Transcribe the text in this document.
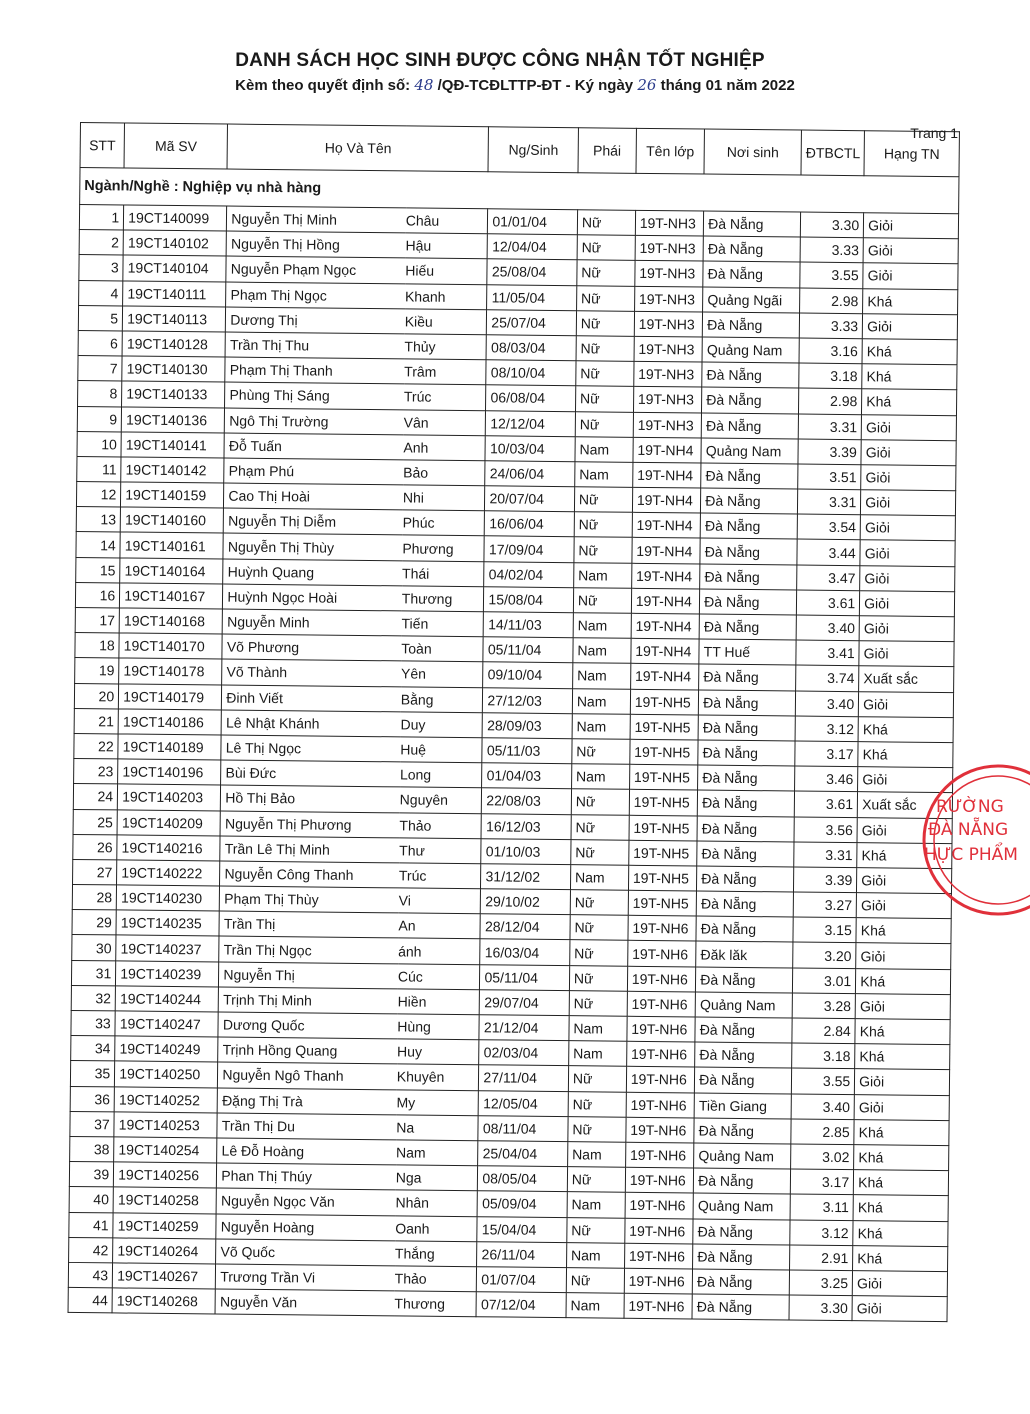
DANH SÁCH HỌC SINH ĐƯỢC CÔNG NHẬN TỐT NGHIỆP
Kèm theo quyết định số: 48 /QĐ-TCĐLTTP-ĐT - Ký ngày 26 tháng 01 năm 2022
Trang 1
STT	Mã SV	Họ Và Tên		Ng/Sinh	Phái	Tên lớp	Nơi sinh	ĐTBCTL	Hạng TN
Ngành/Nghề : Nghiệp vụ nhà hàng									
1	19CT140099	Nguyễn Thị Minh	Châu	01/01/04	Nữ	19T-NH3	Đà Nẵng	3.30	Giỏi
2	19CT140102	Nguyễn Thị Hồng	Hậu	12/04/04	Nữ	19T-NH3	Đà Nẵng	3.33	Giỏi
3	19CT140104	Nguyễn Phạm Ngọc	Hiếu	25/08/04	Nữ	19T-NH3	Đà Nẵng	3.55	Giỏi
4	19CT140111	Phạm Thị Ngọc	Khanh	11/05/04	Nữ	19T-NH3	Quảng Ngãi	2.98	Khá
5	19CT140113	Dương Thị	Kiều	25/07/04	Nữ	19T-NH3	Đà Nẵng	3.33	Giỏi
6	19CT140128	Trần Thị Thu	Thủy	08/03/04	Nữ	19T-NH3	Quảng Nam	3.16	Khá
7	19CT140130	Phạm Thị Thanh	Trâm	08/10/04	Nữ	19T-NH3	Đà Nẵng	3.18	Khá
8	19CT140133	Phùng Thị Sáng	Trúc	06/08/04	Nữ	19T-NH3	Đà Nẵng	2.98	Khá
9	19CT140136	Ngô Thị Trường	Vân	12/12/04	Nữ	19T-NH3	Đà Nẵng	3.31	Giỏi
10	19CT140141	Đỗ Tuấn	Anh	10/03/04	Nam	19T-NH4	Quảng Nam	3.39	Giỏi
11	19CT140142	Phạm Phú	Bảo	24/06/04	Nam	19T-NH4	Đà Nẵng	3.51	Giỏi
12	19CT140159	Cao Thị Hoài	Nhi	20/07/04	Nữ	19T-NH4	Đà Nẵng	3.31	Giỏi
13	19CT140160	Nguyễn Thị Diễm	Phúc	16/06/04	Nữ	19T-NH4	Đà Nẵng	3.54	Giỏi
14	19CT140161	Nguyễn Thị Thùy	Phương	17/09/04	Nữ	19T-NH4	Đà Nẵng	3.44	Giỏi
15	19CT140164	Huỳnh Quang	Thái	04/02/04	Nam	19T-NH4	Đà Nẵng	3.47	Giỏi
16	19CT140167	Huỳnh Ngọc Hoài	Thương	15/08/04	Nữ	19T-NH4	Đà Nẵng	3.61	Giỏi
17	19CT140168	Nguyễn Minh	Tiến	14/11/03	Nam	19T-NH4	Đà Nẵng	3.40	Giỏi
18	19CT140170	Võ Phương	Toàn	05/11/04	Nam	19T-NH4	TT Huế	3.41	Giỏi
19	19CT140178	Võ Thành	Yên	09/10/04	Nam	19T-NH4	Đà Nẵng	3.74	Xuất sắc
20	19CT140179	Đinh Viết	Bằng	27/12/03	Nam	19T-NH5	Đà Nẵng	3.40	Giỏi
21	19CT140186	Lê Nhật Khánh	Duy	28/09/03	Nam	19T-NH5	Đà Nẵng	3.12	Khá
22	19CT140189	Lê Thị Ngọc	Huệ	05/11/03	Nữ	19T-NH5	Đà Nẵng	3.17	Khá
23	19CT140196	Bùi Đức	Long	01/04/03	Nam	19T-NH5	Đà Nẵng	3.46	Giỏi
24	19CT140203	Hồ Thị Bảo	Nguyên	22/08/03	Nữ	19T-NH5	Đà Nẵng	3.61	Xuất sắc
25	19CT140209	Nguyễn Thị Phương	Thảo	16/12/03	Nữ	19T-NH5	Đà Nẵng	3.56	Giỏi
26	19CT140216	Trần Lê Thị Minh	Thư	01/10/03	Nữ	19T-NH5	Đà Nẵng	3.31	Khá
27	19CT140222	Nguyễn Công Thanh	Trúc	31/12/02	Nam	19T-NH5	Đà Nẵng	3.39	Giỏi
28	19CT140230	Phạm Thị Thùy	Vi	29/10/02	Nữ	19T-NH5	Đà Nẵng	3.27	Giỏi
29	19CT140235	Trần Thị	An	28/12/04	Nữ	19T-NH6	Đà Nẵng	3.15	Khá
30	19CT140237	Trần Thị Ngọc	ánh	16/03/04	Nữ	19T-NH6	Đăk lăk	3.20	Giỏi
31	19CT140239	Nguyễn Thị	Cúc	05/11/04	Nữ	19T-NH6	Đà Nẵng	3.01	Khá
32	19CT140244	Trịnh Thị Minh	Hiền	29/07/04	Nữ	19T-NH6	Quảng Nam	3.28	Giỏi
33	19CT140247	Dương Quốc	Hùng	21/12/04	Nam	19T-NH6	Đà Nẵng	2.84	Khá
34	19CT140249	Trịnh Hồng Quang	Huy	02/03/04	Nam	19T-NH6	Đà Nẵng	3.18	Khá
35	19CT140250	Nguyễn Ngô Thanh	Khuyên	27/11/04	Nữ	19T-NH6	Đà Nẵng	3.55	Giỏi
36	19CT140252	Đặng Thị Trà	My	12/05/04	Nữ	19T-NH6	Tiền Giang	3.40	Giỏi
37	19CT140253	Trần Thị Du	Na	08/11/04	Nữ	19T-NH6	Đà Nẵng	2.85	Khá
38	19CT140254	Lê Đỗ Hoàng	Nam	25/04/04	Nam	19T-NH6	Quảng Nam	3.02	Khá
39	19CT140256	Phan Thị Thúy	Nga	08/05/04	Nữ	19T-NH6	Đà Nẵng	3.17	Khá
40	19CT140258	Nguyễn Ngọc Văn	Nhân	05/09/04	Nam	19T-NH6	Quảng Nam	3.11	Khá
41	19CT140259	Nguyễn Hoàng	Oanh	15/04/04	Nữ	19T-NH6	Đà Nẵng	3.12	Khá
42	19CT140264	Võ Quốc	Thắng	26/11/04	Nam	19T-NH6	Đà Nẵng	2.91	Khá
43	19CT140267	Trương Trần Vi	Thảo	01/07/04	Nữ	19T-NH6	Đà Nẵng	3.25	Giỏi
44	19CT140268	Nguyễn Văn	Thương	07/12/04	Nam	19T-NH6	Đà Nẵng	3.30	Giỏi
RƯỜNG
ĐÀ NẴNG
HỰC PHẨM
